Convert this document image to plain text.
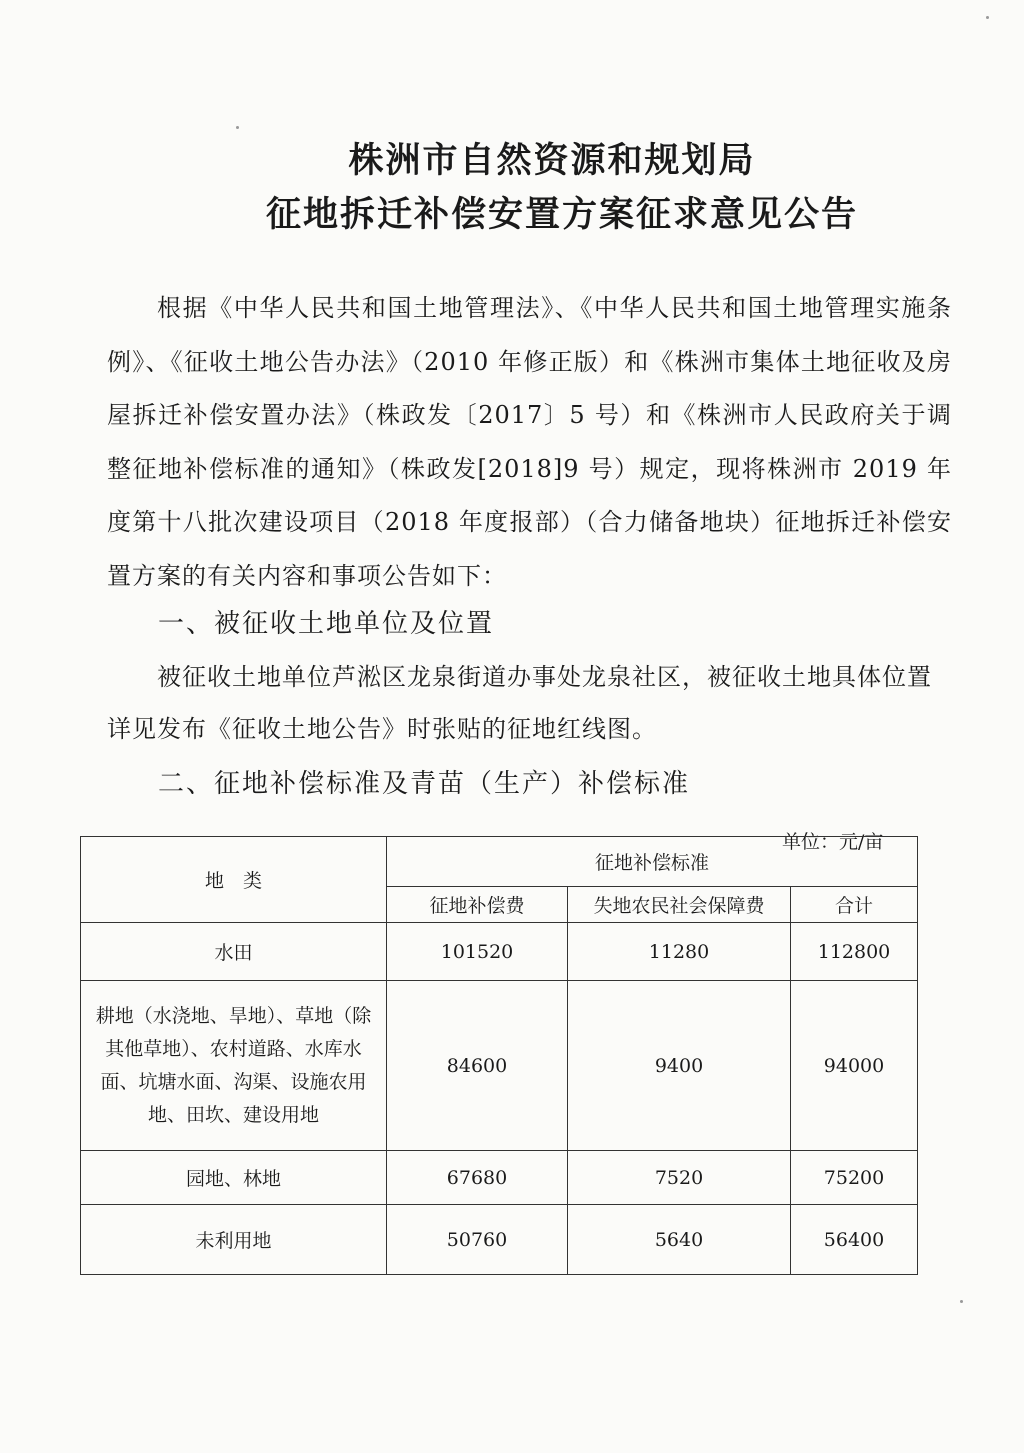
株洲市自然资源和规划局
征地拆迁补偿安置方案征求意见公告

根据《中华人民共和国土地管理法》、《中华人民共和国土地管理实施条例》、《征收土地公告办法》（2010 年修正版）和《株洲市集体土地征收及房屋拆迁补偿安置办法》（株政发〔2017〕5 号）和《株洲市人民政府关于调整征地补偿标准的通知》（株政发[2018]9 号）规定，现将株洲市 2019 年度第十八批次建设项目（2018 年度报部）（合力储备地块）征地拆迁补偿安置方案的有关内容和事项公告如下：

一、被征收土地单位及位置

被征收土地单位芦淞区龙泉街道办事处龙泉社区，被征收土地具体位置详见发布《征收土地公告》时张贴的征地红线图。

二、征地补偿标准及青苗（生产）补偿标准
单位：元/亩
地　类	征地补偿标准		
	征地补偿费	失地农民社会保障费	合计
水田	101520	11280	112800
耕地（水浇地、旱地）、草地（除其他草地）、农村道路、水库水面、坑塘水面、沟渠、设施农用地、田坎、建设用地	84600	9400	94000
园地、林地	67680	7520	75200
未利用地	50760	5640	56400
